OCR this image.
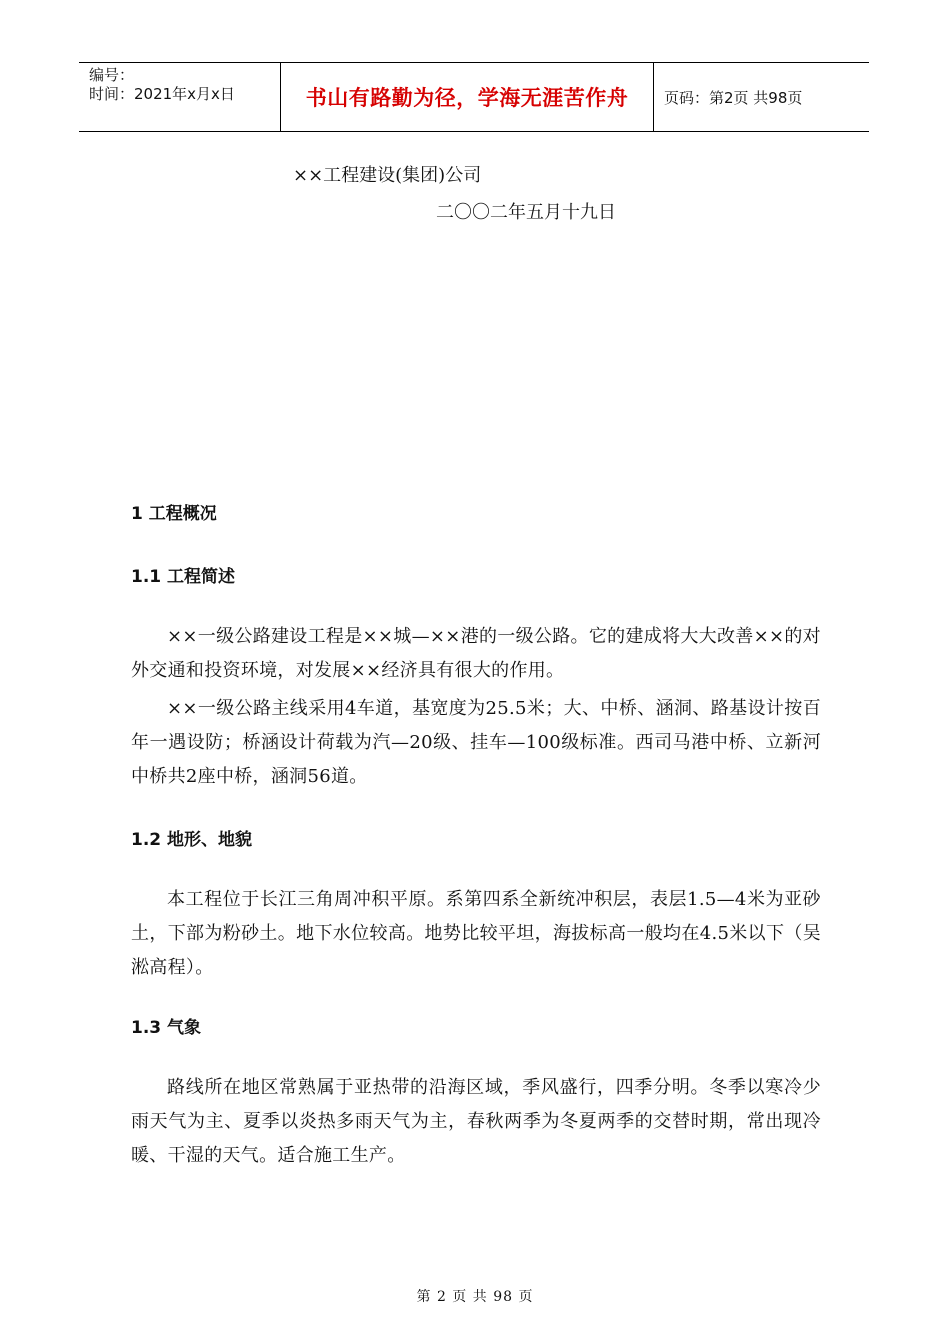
编号：
时间：2021年x月x日	书山有路勤为径，学海无涯苦作舟	页码：第2页 共98页
××工程建设(集团)公司
二〇〇二年五月十九日
1 工程概况
1.1 工程简述

××一级公路建设工程是××城—××港的一级公路。它的建成将大大改善××的对外交通和投资环境，对发展××经济具有很大的作用。

××一级公路主线采用4车道，基宽度为25.5米；大、中桥、涵洞、路基设计按百年一遇设防；桥涵设计荷载为汽—20级、挂车—100级标准。西司马港中桥、立新河中桥共2座中桥，涵洞56道。

1.2 地形、地貌

本工程位于长江三角周冲积平原。系第四系全新统冲积层，表层1.5—4米为亚砂土，下部为粉砂土。地下水位较高。地势比较平坦，海拔标高一般均在4.5米以下（吴淞高程）。

1.3 气象

路线所在地区常熟属于亚热带的沿海区域，季风盛行，四季分明。冬季以寒冷少雨天气为主、夏季以炎热多雨天气为主，春秋两季为冬夏两季的交替时期，常出现冷暖、干湿的天气。适合施工生产。

第 2 页 共 98 页
